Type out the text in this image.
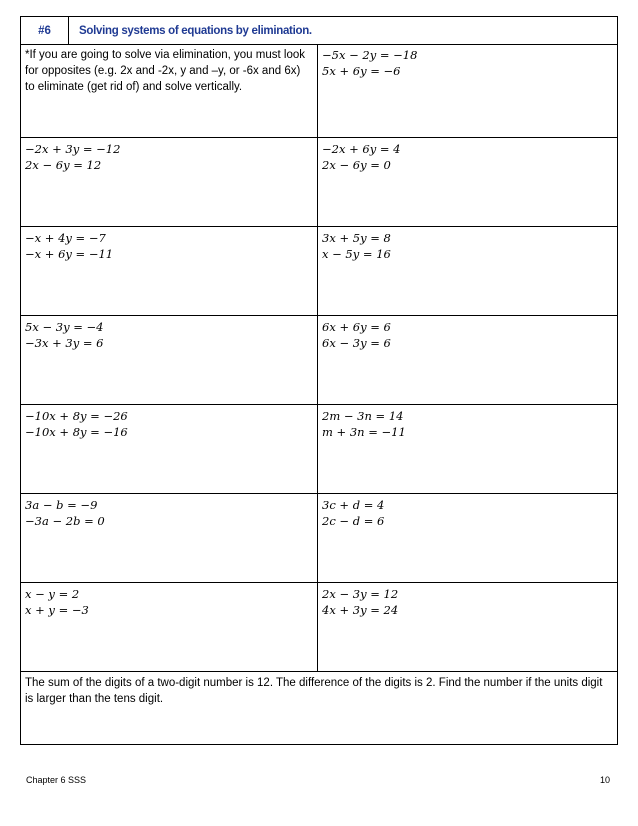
#6	Solving systems of equations by elimination.
*If you are going to solve via elimination, you must look for opposites (e.g. 2x and -2x, y and –y, or -6x and 6x) to eliminate (get rid of) and solve vertically.
−5x − 2y = −18
5x + 6y = −6
−2x + 3y = −12
2x − 6y = 12
−2x + 6y = 4
2x − 6y = 0
−x + 4y = −7
−x + 6y = −11
3x + 5y = 8
x − 5y = 16
5x − 3y = −4
−3x + 3y = 6
6x + 6y = 6
6x − 3y = 6
−10x + 8y = −26
−10x + 8y = −16
2m − 3n = 14
m + 3n = −11
3a − b = −9
−3a − 2b = 0
3c + d = 4
2c − d = 6
x − y = 2
x + y = −3
2x − 3y = 12
4x + 3y = 24
The sum of the digits of a two-digit number is 12. The difference of the digits is 2. Find the number if the units digit is larger than the tens digit.
Chapter 6 SSS	10
